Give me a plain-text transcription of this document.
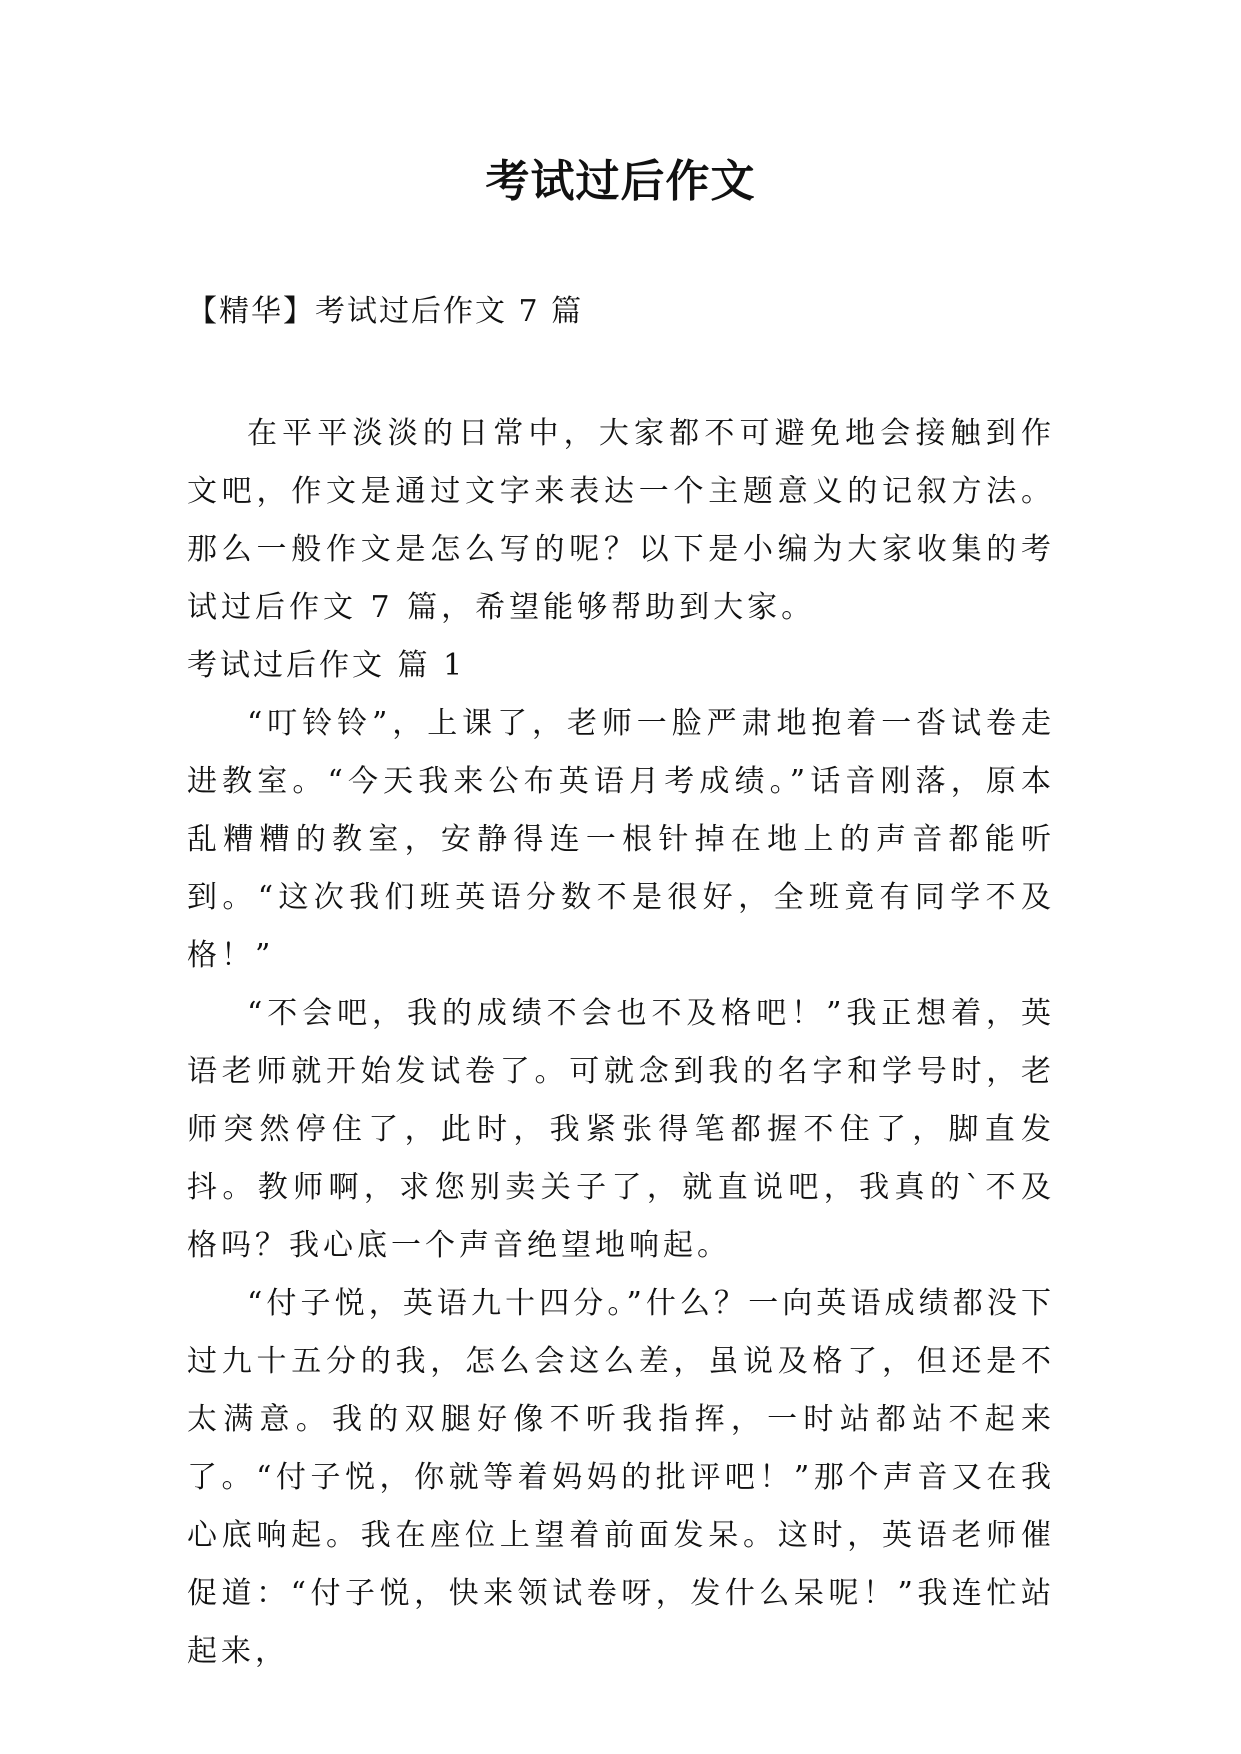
考试过后作文
【精华】考试过后作文 7 篇

在平平淡淡的日常中，大家都不可避免地会接触到作文吧，作文是通过文字来表达一个主题意义的记叙方法。那么一般作文是怎么写的呢？以下是小编为大家收集的考试过后作文 7 篇，希望能够帮助到大家。

考试过后作文 篇 1

“叮铃铃”，上课了，老师一脸严肃地抱着一沓试卷走进教室。“今天我来公布英语月考成绩。”话音刚落，原本乱糟糟的教室，安静得连一根针掉在地上的声音都能听到。“这次我们班英语分数不是很好，全班竟有同学不及格！”

“不会吧，我的成绩不会也不及格吧！”我正想着，英语老师就开始发试卷了。可就念到我的名字和学号时，老师突然停住了，此时，我紧张得笔都握不住了，脚直发抖。教师啊，求您别卖关子了，就直说吧，我真的`不及格吗？我心底一个声音绝望地响起。

“付子悦，英语九十四分。”什么？一向英语成绩都没下过九十五分的我，怎么会这么差，虽说及格了，但还是不太满意。我的双腿好像不听我指挥，一时站都站不起来了。“付子悦，你就等着妈妈的批评吧！”那个声音又在我心底响起。我在座位上望着前面发呆。这时，英语老师催促道：“付子悦，快来领试卷呀，发什么呆呢！”我连忙站起来，
